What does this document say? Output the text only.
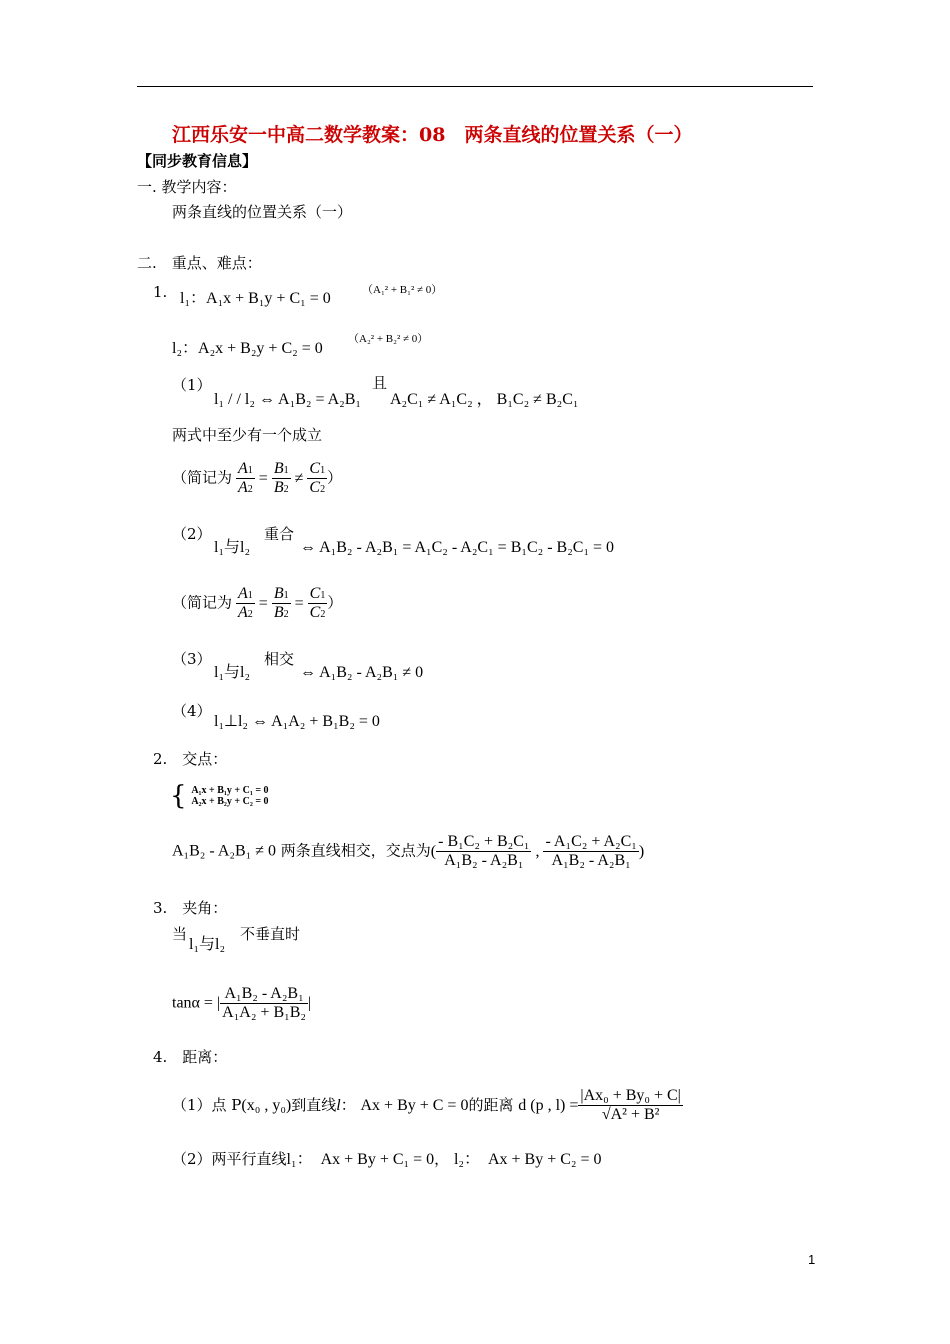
江西乐安一中高二数学教案：08　两条直线的位置关系（一）
【同步教育信息】
一. 教学内容：
两条直线的位置关系（一）
二.　重点、难点：
1. l₁：A₁x + B₁y + C₁ = 0	（A₁² + B₁² ≠ 0）
l₂：A₂x + B₂y + C₂ = 0
（A₂² + B₂² ≠ 0）
（1）
l₁ / / l₂ ⇔ A₁B₂ = A₂B₁
且
A₂C₁ ≠ A₁C₂ ， B₁C₂ ≠ B₂C₁
两式中至少有一个成立
（简记为 $\frac{A1}{A2} = \frac{B1}{B2} \ne \frac{C1}{C2}$ ）
（2）
l₁与l₂
重合
⇔ A₁B₂ - A₂B₁ = A₁C₂ - A₂C₁ = B₁C₂ - B₂C₁ = 0
（简记为 $\frac{A1}{A2} = \frac{B1}{B2} = \frac{C1}{C2}$ ）
（3）
l₁与l₂
相交
⇔ A₁B₂ - A₂B₁ ≠ 0
（4）
l₁⊥l₂ ⇔ A₁A₂ + B₁B₂ = 0
2.　交点：
{ A₁x + B₁y + C₁ = 0
A₂x + B₂y + C₂ = 0
A₁B₂ - A₂B₁ ≠ 0 两条直线相交，交点为( $\frac{\text{- B₁C₂ + B₂C₁}}{\text{A₁B₂ - A₂B₁}}$ , $\frac{\text{- A₁C₂ + A₂C₁}}{\text{A₁B₂ - A₂B₁}}$ )
3.　夹角：
当
l₁与l₂
不垂直时
tanα = | $\frac{\text{A₁B₂ - A₂B₁}}{\text{A₁A₂ + B₁B₂}}$ |
4.　距离：
（1）点 P(x₀ , y₀)到直线l： Ax + By + C = 0的距离 d (p , $l) = \frac{\text{|Ax₀ + By₀ + C|}}{\text{√A² + B²}}$
（2）两平行直线l₁：　Ax + By + C₁ = 0， l₂：　Ax + By + C₂ = 0
1
